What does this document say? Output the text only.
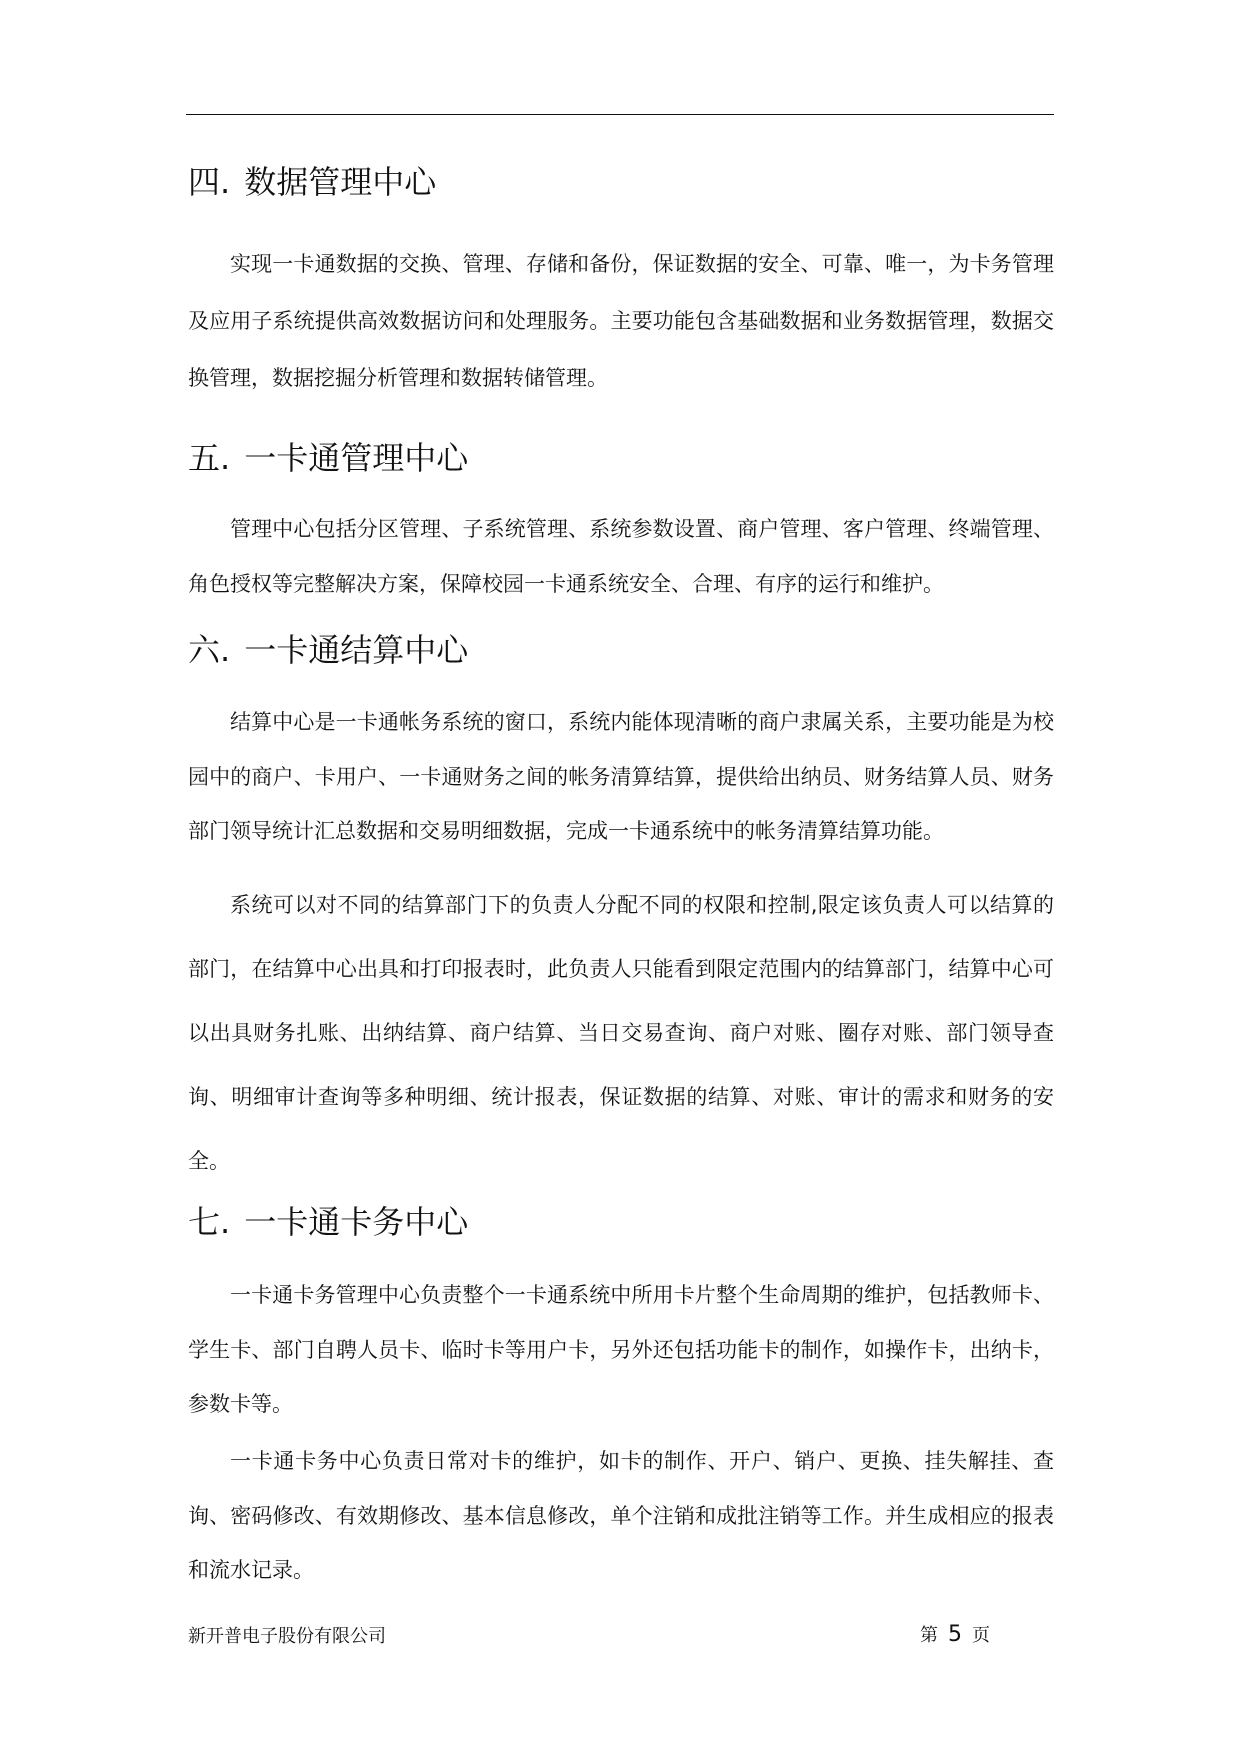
四. 数据管理中心

实现一卡通数据的交换、管理、存储和备份，保证数据的安全、可靠、唯一，为卡务管理及应用子系统提供高效数据访问和处理服务。主要功能包含基础数据和业务数据管理，数据交换管理，数据挖掘分析管理和数据转储管理。

五. 一卡通管理中心

管理中心包括分区管理、子系统管理、系统参数设置、商户管理、客户管理、终端管理、角色授权等完整解决方案，保障校园一卡通系统安全、合理、有序的运行和维护。

六. 一卡通结算中心

结算中心是一卡通帐务系统的窗口，系统内能体现清晰的商户隶属关系，主要功能是为校园中的商户、卡用户、一卡通财务之间的帐务清算结算，提供给出纳员、财务结算人员、财务部门领导统计汇总数据和交易明细数据，完成一卡通系统中的帐务清算结算功能。

系统可以对不同的结算部门下的负责人分配不同的权限和控制,限定该负责人可以结算的部门，在结算中心出具和打印报表时，此负责人只能看到限定范围内的结算部门，结算中心可以出具财务扎账、出纳结算、商户结算、当日交易查询、商户对账、圈存对账、部门领导查询、明细审计查询等多种明细、统计报表，保证数据的结算、对账、审计的需求和财务的安全。

七. 一卡通卡务中心

一卡通卡务管理中心负责整个一卡通系统中所用卡片整个生命周期的维护，包括教师卡、学生卡、部门自聘人员卡、临时卡等用户卡，另外还包括功能卡的制作，如操作卡，出纳卡，参数卡等。

一卡通卡务中心负责日常对卡的维护，如卡的制作、开户、销户、更换、挂失解挂、查询、密码修改、有效期修改、基本信息修改，单个注销和成批注销等工作。并生成相应的报表和流水记录。

新开普电子股份有限公司	第 5 页
